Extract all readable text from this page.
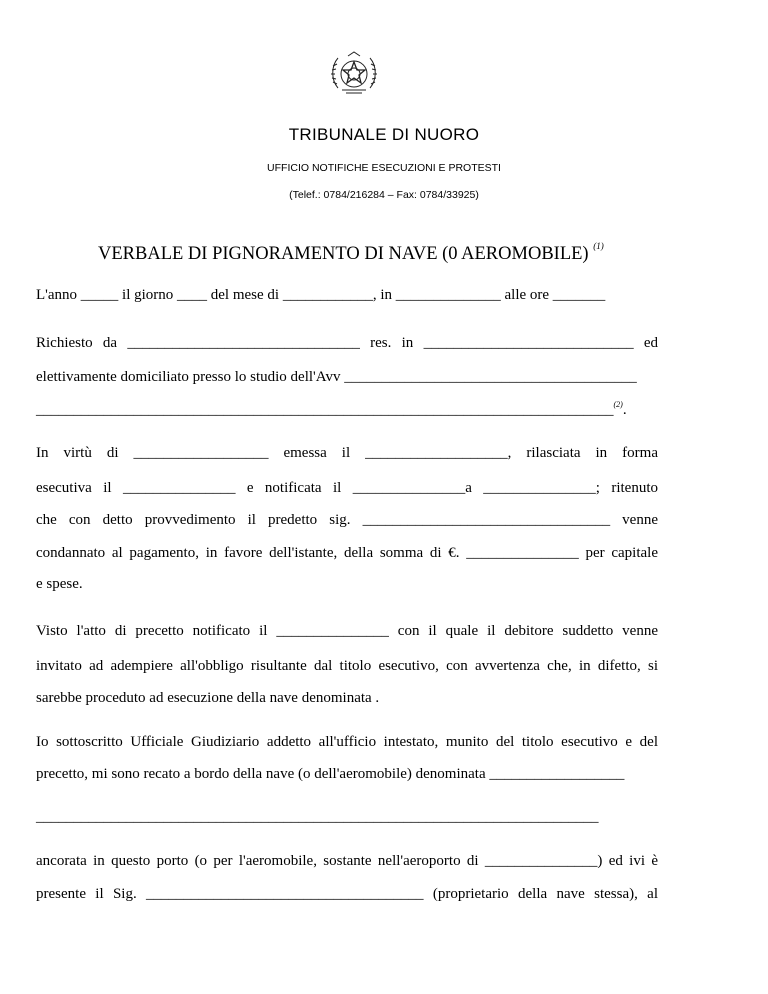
TRIBUNALE DI NUORO
UFFICIO NOTIFICHE ESECUZIONI E PROTESTI
(Telef.: 0784/216284 – Fax: 0784/33925)
VERBALE DI PIGNORAMENTO DI NAVE (0 AEROMOBILE) $^{(1)}$
L'anno _____ il giorno ____ del mese di ____________, in ______________ alle ore _______
Richiesto da _______________________________ res. in ____________________________ ed
elettivamente domiciliato presso lo studio dell'Avv _______________________________________
_____________________________________________________________________________$^{(2)}$.
In virtù di __________________ emessa il ___________________, rilasciata in forma
esecutiva il _______________ e notificata il _______________a _______________; ritenuto
che con detto provvedimento il predetto sig. _________________________________ venne
condannato al pagamento, in favore dell'istante, della somma di €. _______________ per capitale
e spese.
Visto l'atto di precetto notificato il _______________ con il quale il debitore suddetto venne
invitato ad adempiere all'obbligo risultante dal titolo esecutivo, con avvertenza che, in difetto, si
sarebbe proceduto ad esecuzione della nave denominata .
Io sottoscritto Ufficiale Giudiziario addetto all'ufficio intestato, munito del titolo esecutivo e del
precetto, mi sono recato a bordo della nave (o dell'aeromobile) denominata __________________
___________________________________________________________________________
ancorata in questo porto (o per l'aeromobile, sostante nell'aeroporto di _______________) ed ivi è
presente il Sig. _____________________________________ (proprietario della nave stessa), al
